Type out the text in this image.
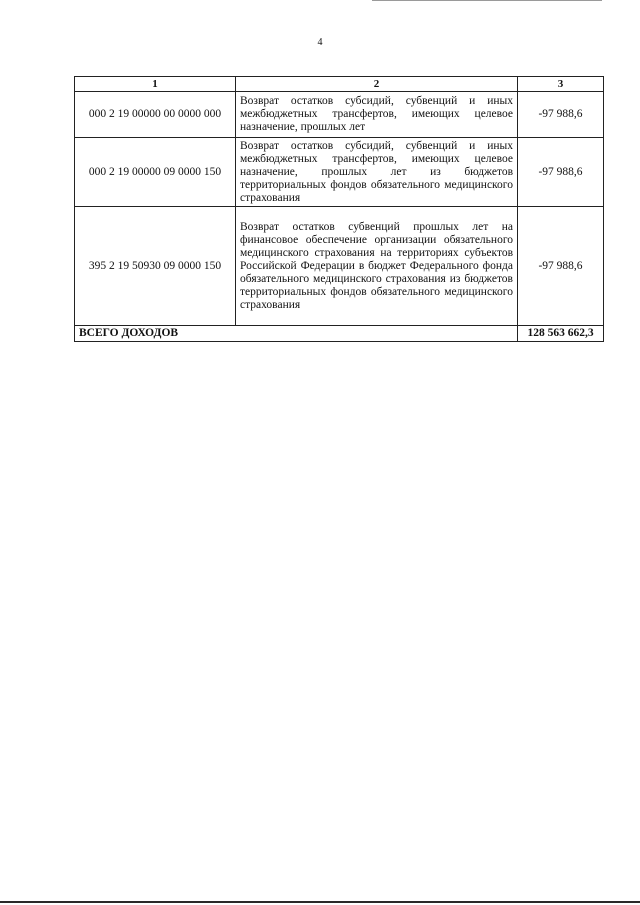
4
1	2	3
000 2 19 00000 00 0000 000	Возврат остатков субсидий, субвенций и иных межбюджетных трансфертов, имеющих целевое назначение, прошлых лет	-97 988,6
000 2 19 00000 09 0000 150	Возврат остатков субсидий, субвенций и иных межбюджетных трансфертов, имеющих целевое назначение, прошлых лет из бюджетов территориальных фондов обязательного медицинского страхования	-97 988,6
395 2 19 50930 09 0000 150	Возврат остатков субвенций прошлых лет на финансовое обеспечение организации обязательного медицинского страхования на территориях субъектов Российской Федерации в бюджет Федерального фонда обязательного медицинского страхования из бюджетов территориальных фондов обязательного медицинского страхования	-97 988,6
ВСЕГО ДОХОДОВ		128 563 662,3
